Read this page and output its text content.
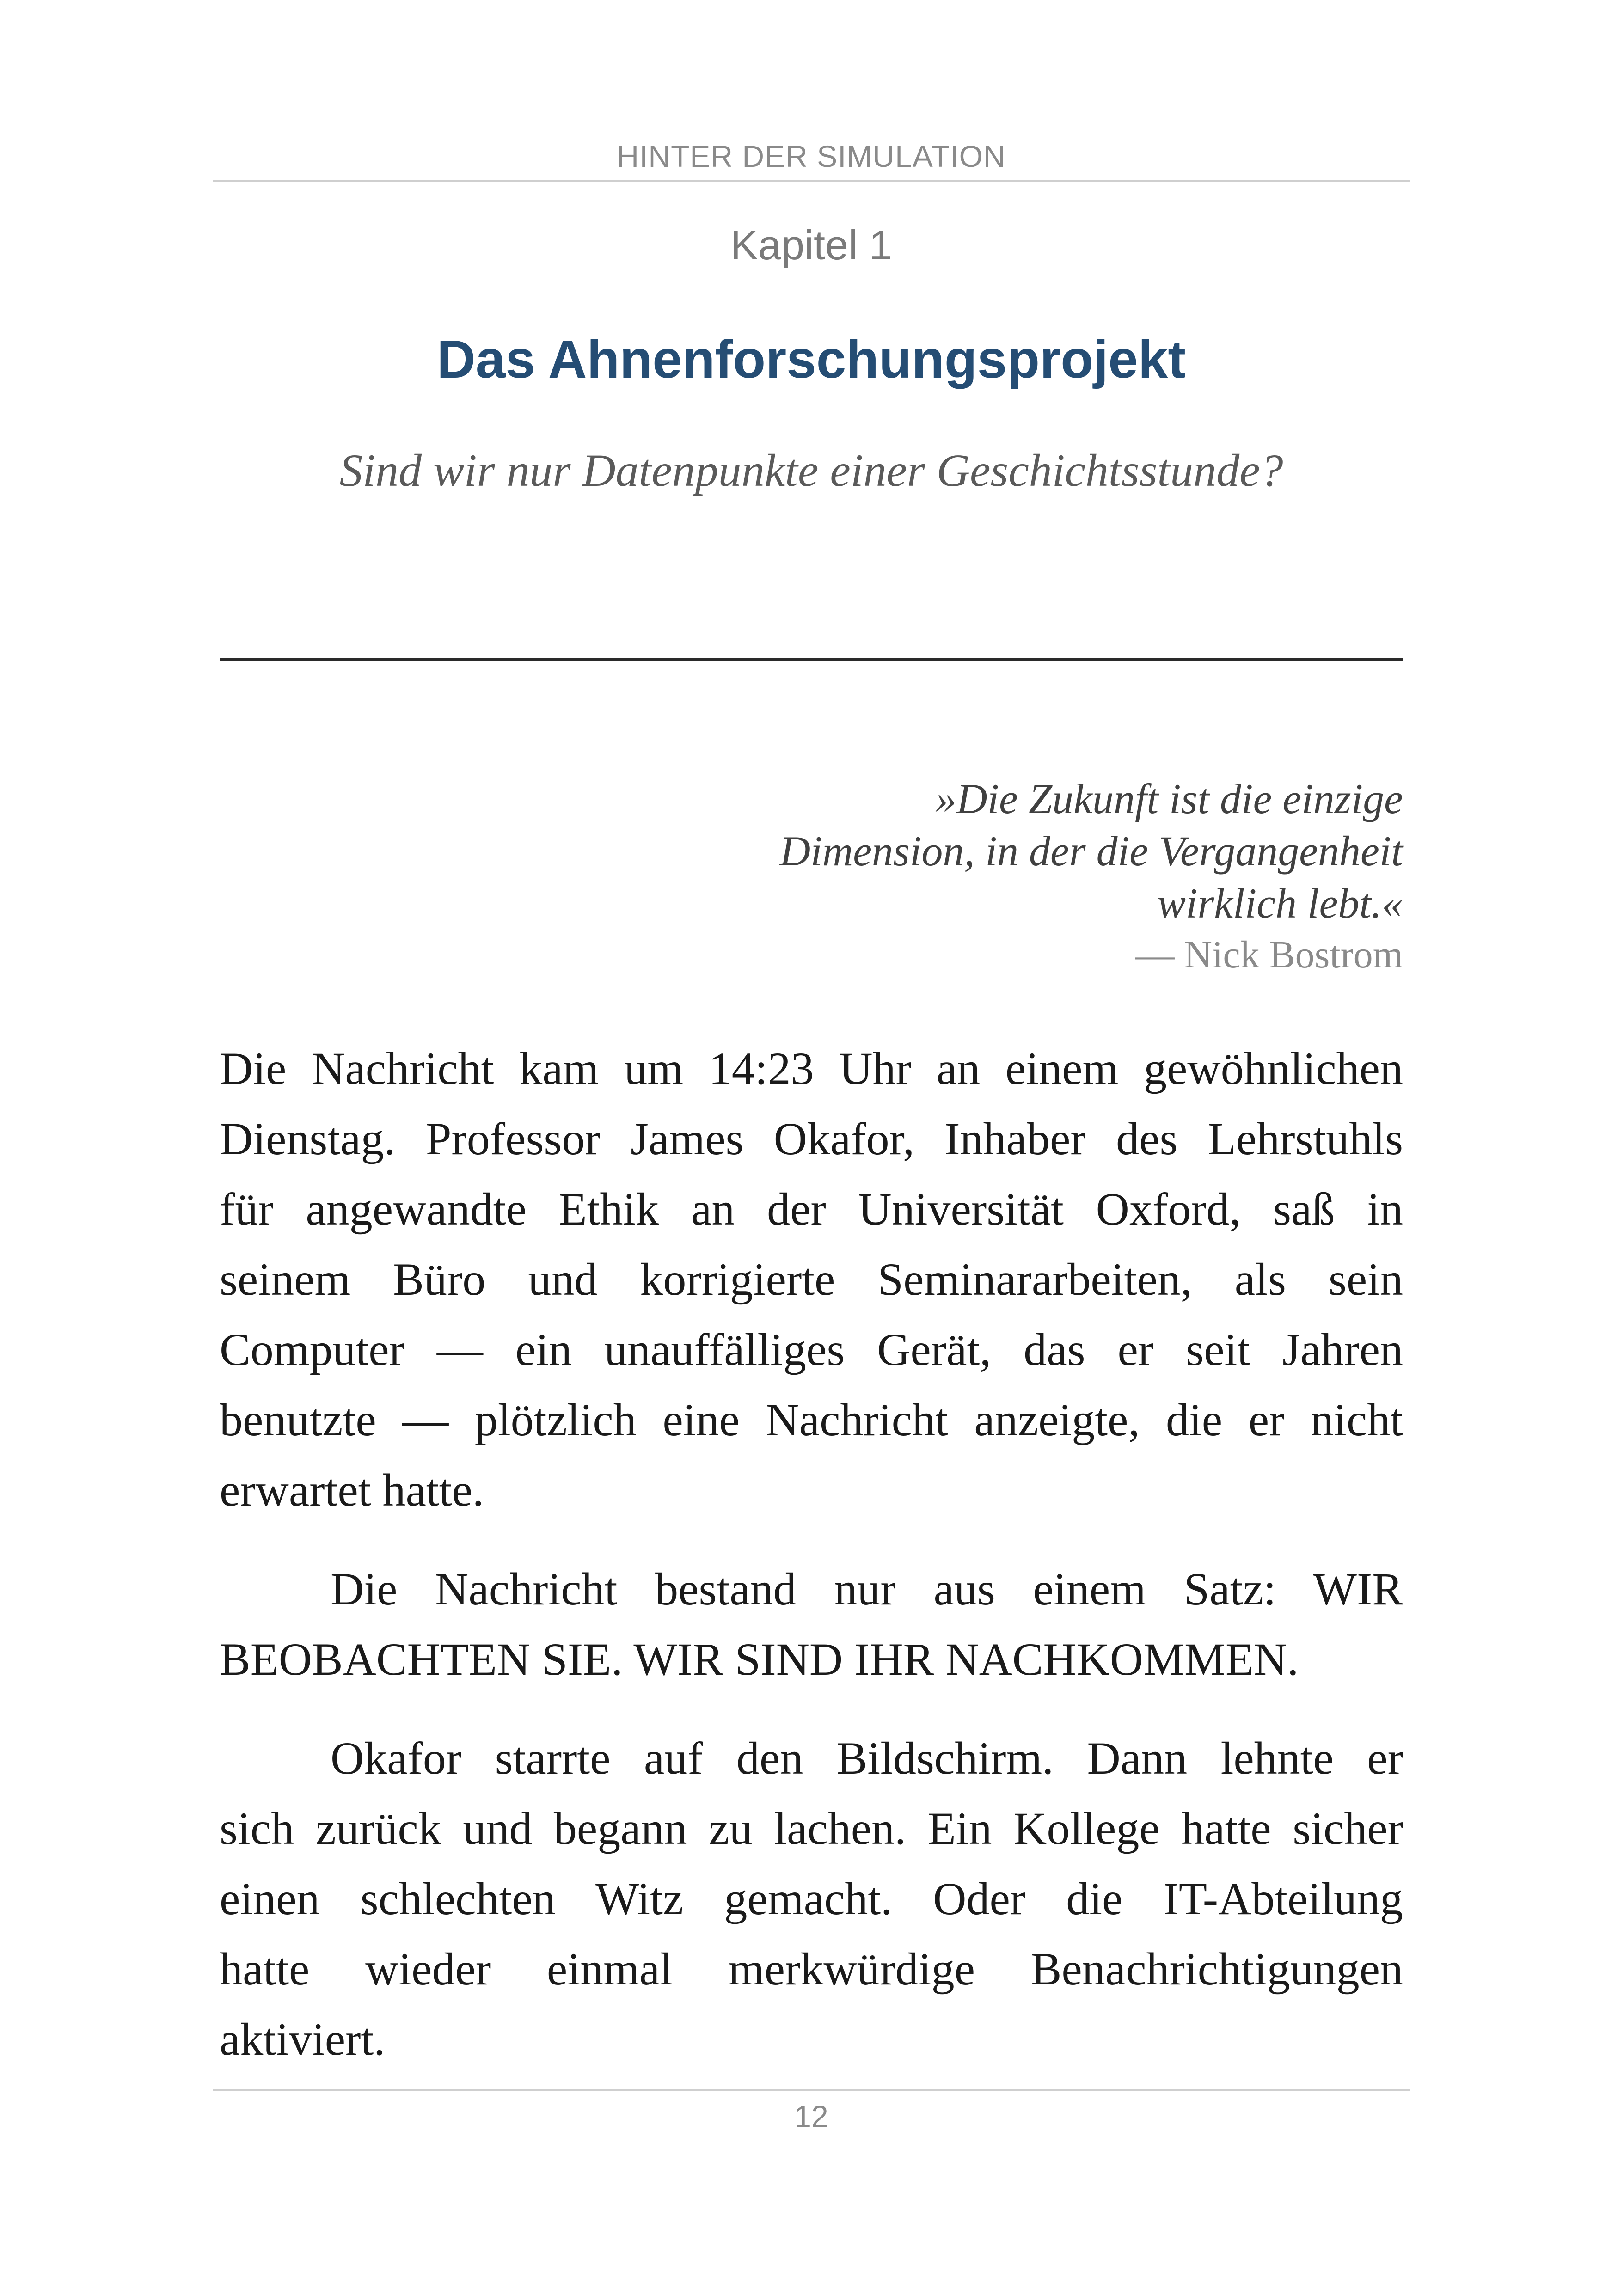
HINTER DER SIMULATION
Kapitel 1
Das Ahnenforschungsprojekt
Sind wir nur Datenpunkte einer Geschichtsstunde?
»Die Zukunft ist die einzige
Dimension, in der die Vergangenheit
wirklich lebt.«
— Nick Bostrom

Die Nachricht kam um 14:23 Uhr an einem gewöhnlichen
Dienstag. Professor James Okafor, Inhaber des Lehrstuhls
für angewandte Ethik an der Universität Oxford, saß in
seinem Büro und korrigierte Seminararbeiten, als sein
Computer — ein unauffälliges Gerät, das er seit Jahren
benutzte — plötzlich eine Nachricht anzeigte, die er nicht
erwartet hatte.

Die Nachricht bestand nur aus einem Satz: WIR
BEOBACHTEN SIE. WIR SIND IHR NACHKOMMEN.

Okafor starrte auf den Bildschirm. Dann lehnte er
sich zurück und begann zu lachen. Ein Kollege hatte sicher
einen schlechten Witz gemacht. Oder die IT-Abteilung
hatte wieder einmal merkwürdige Benachrichtigungen
aktiviert.

12
